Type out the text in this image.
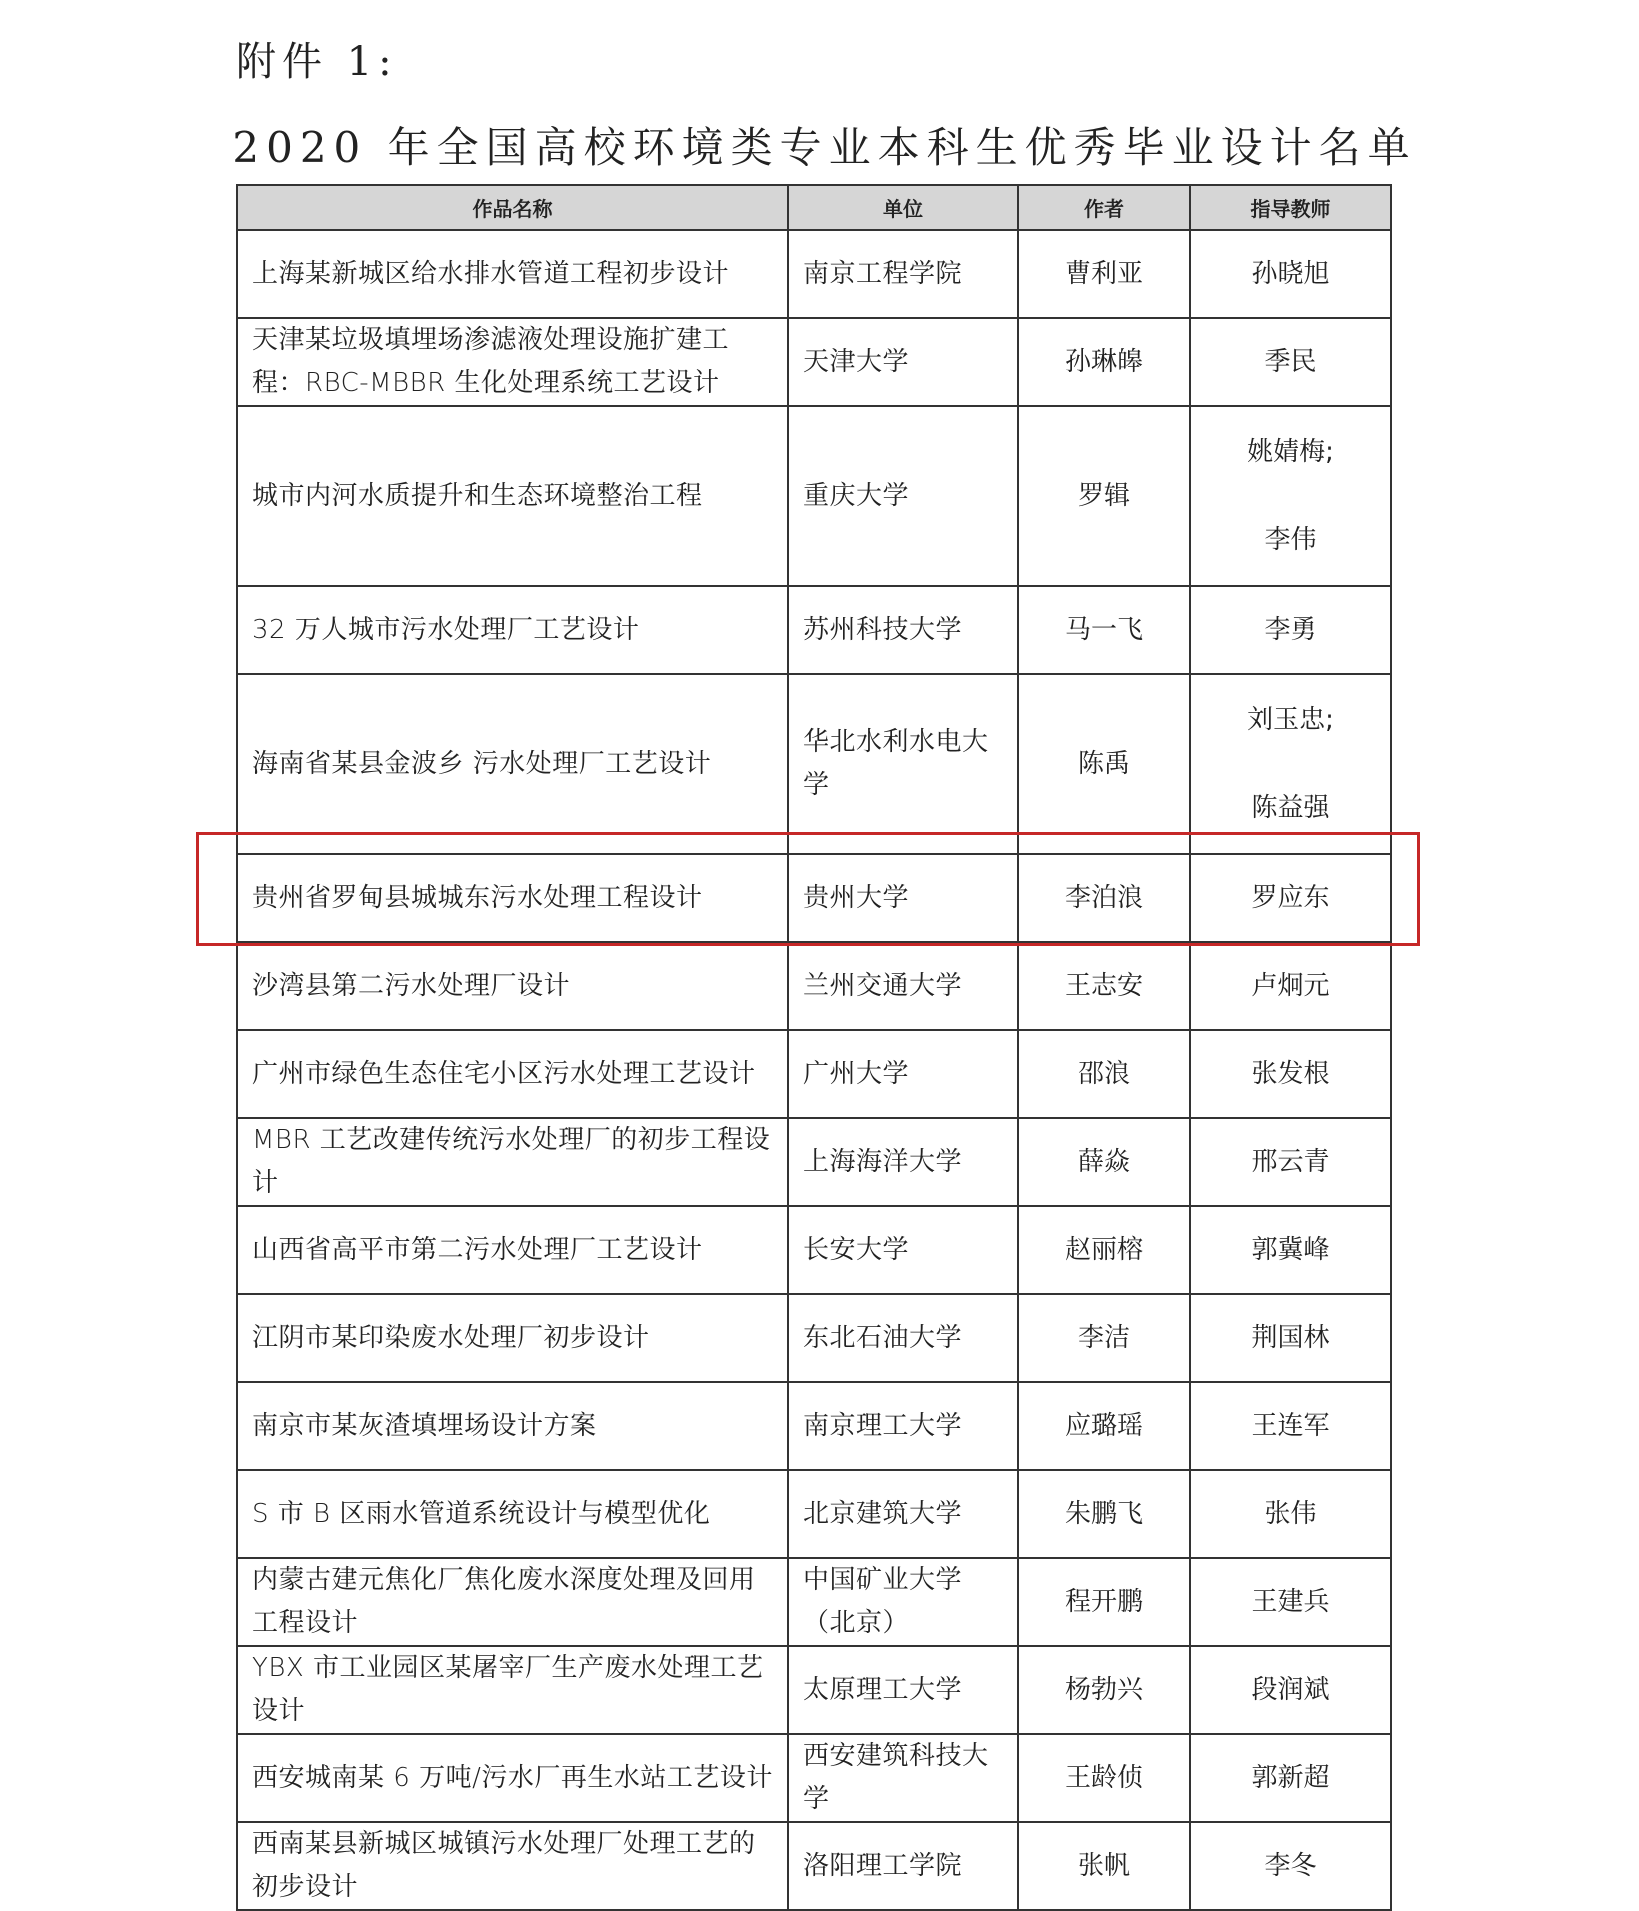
附件 1:
2020 年全国高校环境类专业本科生优秀毕业设计名单
作品名称	单位	作者	指导教师
上海某新城区给水排水管道工程初步设计	南京工程学院	曹利亚	孙晓旭
天津某垃圾填埋场渗滤液处理设施扩建工程：RBC-MBBR 生化处理系统工艺设计	天津大学	孙琳皞	季民
城市内河水质提升和生态环境整治工程	重庆大学	罗辑	姚婧梅;
李伟

32 万人城市污水处理厂工艺设计	苏州科技大学	马一飞	李勇
海南省某县金波乡 污水处理厂工艺设计	华北水利水电大学	陈禹	刘玉忠;
陈益强

贵州省罗甸县城城东污水处理工程设计	贵州大学	李泊浪	罗应东
沙湾县第二污水处理厂设计	兰州交通大学	王志安	卢炯元
广州市绿色生态住宅小区污水处理工艺设计	广州大学	邵浪	张发根
MBR 工艺改建传统污水处理厂的初步工程设计	上海海洋大学	薛焱	邢云青
山西省高平市第二污水处理厂工艺设计	长安大学	赵丽榕	郭冀峰
江阴市某印染废水处理厂初步设计	东北石油大学	李洁	荆国林
南京市某灰渣填埋场设计方案	南京理工大学	应璐瑶	王连军
S 市 B 区雨水管道系统设计与模型优化	北京建筑大学	朱鹏飞	张伟
内蒙古建元焦化厂焦化废水深度处理及回用工程设计	中国矿业大学（北京）	程开鹏	王建兵
YBX 市工业园区某屠宰厂生产废水处理工艺设计	太原理工大学	杨勃兴	段润斌
西安城南某 6 万吨/污水厂再生水站工艺设计	西安建筑科技大学	王龄侦	郭新超
西南某县新城区城镇污水处理厂处理工艺的初步设计	洛阳理工学院	张帆	李冬
